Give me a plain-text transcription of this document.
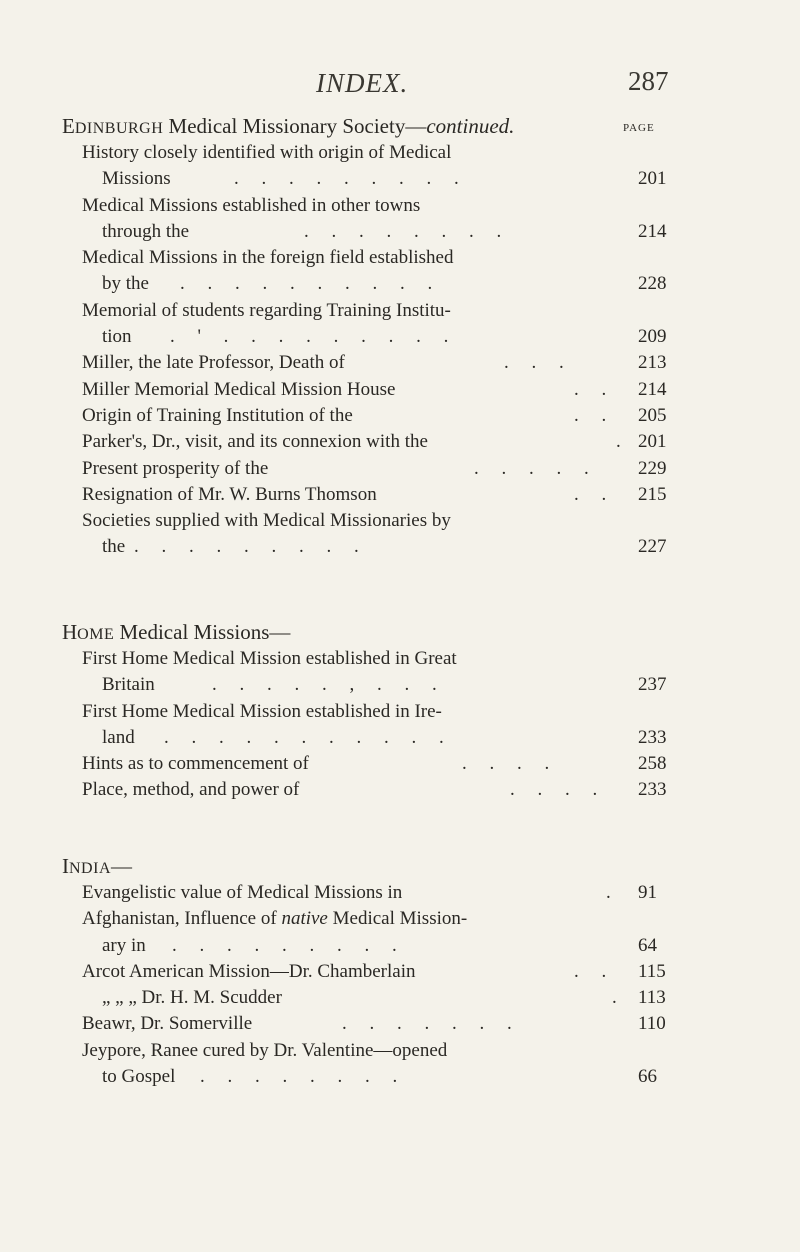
INDEX.	287
EDINBURGH Medical Missionary Society—continued.	PAGE
History closely identified with origin of Medical
Missions	. . . . . . . . .	201
Medical Missions established in other towns
through the	. . . . . . . .	214
Medical Missions in the foreign field established
by the . . . . . . . . . .	228
Memorial of students regarding Training Institu-
tion . ' . . . . . . . . .	209
Miller, the late Professor, Death of	. . .	213
Miller Memorial Medical Mission House	. . 214
Origin of Training Institution of the	. . 205
Parker's, Dr., visit, and its connexion with the	. 201
Present prosperity of the	. . . . . 229
Resignation of Mr. W. Burns Thomson	. . 215
Societies supplied with Medical Missionaries by
the . . . . . . . . .	227
HOME Medical Missions—
First Home Medical Mission established in Great
Britain	. . . . . , . . .	237
First Home Medical Mission established in Ire-
land . . . . . . . . . . .	233
Hints as to commencement of	. . . .	258
Place, method, and power of	. . . . 233
INDIA—
Evangelistic value of Medical Missions in	. 91
Afghanistan, Influence of native Medical Mission-
ary in . . . . . . . . .	64
Arcot American Mission—Dr. Chamberlain	. . 115
„ „ „ Dr. H. M. Scudder	. 113
Beawr, Dr. Somerville	. . . . . . .	110
Jeypore, Ranee cured by Dr. Valentine—opened
to Gospel . . . . . . . .	66
